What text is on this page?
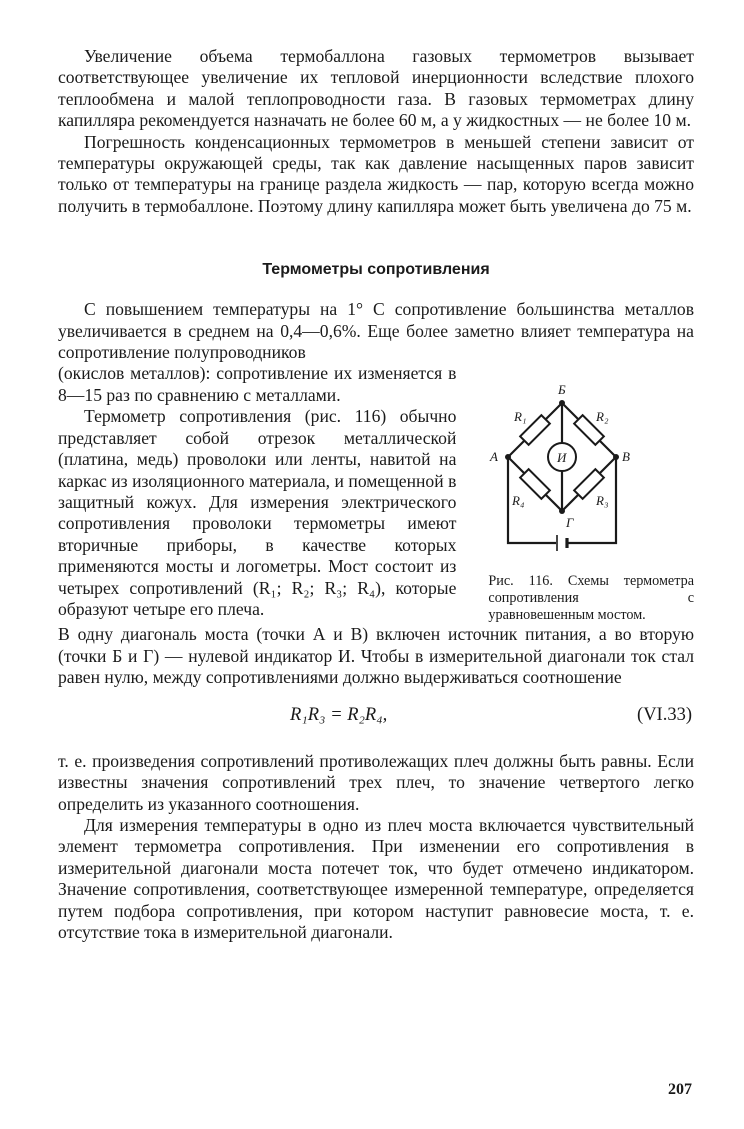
Увеличение объема термобаллона газовых термометров вызывает соответствующее увеличение их тепловой инерционности вследствие плохого теплообмена и малой теплопроводности газа. В газовых термометрах длину капилляра рекомендуется назначать не более 60 м, а у жидкостных — не более 10 м.

Погрешность конденсационных термометров в меньшей степени зависит от температуры окружающей среды, так как давление насыщенных паров зависит только от температуры на границе раздела жидкость — пар, которую всегда можно получить в термобаллоне. Поэтому длину капилляра может быть увеличена до 75 м.

Термометры сопротивления

С повышением температуры на 1° С сопротивление большинства металлов увеличивается в среднем на 0,4—0,6%. Еще более заметно влияет температура на сопротивление полупроводников

(окислов металлов): сопротивление их изменяется в 8—15 раз по сравнению с металлами.

Термометр сопротивления (рис. 116) обычно представляет собой отрезок металлической (платина, медь) проволоки или ленты, навитой на каркас из изоляционного материала, и помещенной в защитный кожух. Для измерения электрического сопротивления проволоки термометры имеют вторичные приборы, в качестве которых применяются мосты и логометры. Мост состоит из четырех сопротивлений (R₁; R₂; R₃; R₄), которые образуют четыре его плеча.

Б
А	В
Г
И
R₁	R₂
R₃
R₄
Рис. 116. Схемы термометра сопротивления с уравновешенным мостом.

В одну диагональ моста (точки А и В) включен источник питания, а во вторую (точки Б и Г) — нулевой индикатор И. Чтобы в измерительной диагонали ток стал равен нулю, между сопротивлениями должно выдерживаться соотношение

R₁R₃ = R₂R₄,	(VI.33)

т. е. произведения сопротивлений противолежащих плеч должны быть равны. Если известны значения сопротивлений трех плеч, то значение четвертого легко определить из указанного соотношения.

Для измерения температуры в одно из плеч моста включается чувствительный элемент термометра сопротивления. При изменении его сопротивления в измерительной диагонали моста потечет ток, что будет отмечено индикатором. Значение сопротивления, соответствующее измеренной температуре, определяется путем подбора сопротивления, при котором наступит равновесие моста, т. е. отсутствие тока в измерительной диагонали.

207
